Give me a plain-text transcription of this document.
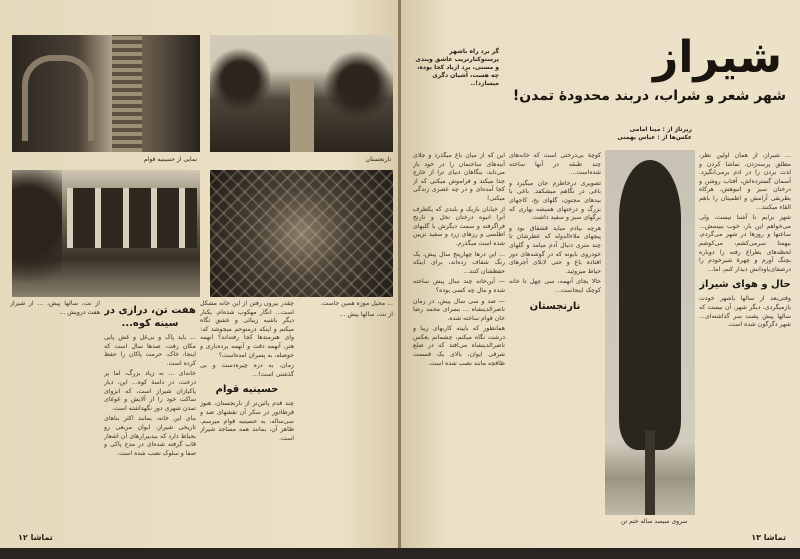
نمایی از حسینیه قوام	نارنجستان

... محیل موزه همین جاست.

از نت، سالها پیش ...

چقدر بیرون رفتن از این خانه مشکل است... انگار مهکوب شده‌ام. یکبار دیگر باشیه زیبائی و عشق نگاه میکنم و اینکه درمتوحم میجوشد که: وای هنرمندها کجا رفته‌اند؟ انهمه هنر، آنهمه دقت و آنهمه پرده‌باری و حوصله، به پسران امده‌است؟

زمان، به دزه چیره‌دست و بی گذشتی است!...

حسینیه قوام

چند قدم پائین‌تر از نارنجستان، هنوز فرطادور در سکر آن نقشهای صد و سی‌ساله، به حسینیه قوام میرسم. ظاهر آن، بمانند همه مساجد شیراز است.

هفت تن، درازی در سینه کوه...

... باید پاک و بی‌غل و غش پایی مکان رفت. صدها سال است که اینجا، خاک، حرمت پاکان را حفظ کرده است.

خانه‌ای ... نه زیاد بزرگ، اما پر درخت، در دامنهٔ کوه... این، دیار پاکبازان شیراز است، که انزوای ساکت خود را از آلایش و غوغای تمدن شهری دور نگهداشته است.

بنای این خانه، بمانند اکثر بناهای تاریخی شیراز، ایوان مربعی رو بحیاط دارد که بیدبیرارهای آن اشعار قاب گرفته شده‌ای در مدح پاکی و صفا و سلوک نصب شده است.

از نت، سالها پیش، ... از شیراز هفت درویش ...

۱۲ تماشا
شیراز
شهر شعر و شراب، دربند محدودۀ تمدن!
گر برد راه باشهر پرستوکنارتریب عاشق ویندی و مستی، برد ازیاد کجا بوده، چه هست، آشیان دگری میسازد!..
رپرتاژ از : مینا امامی
عکس‌ها از : عباس بهمنی
سروی سیصد ساله ختم تن

... شیراز، از همان اولین نظر، مطلق پرسه‌زدن، تماشا کردن و لذت بردن را در ادم برمی‌انگیزد. آسمان گسترده‌اش، آفتاب روشن و درختان سبز و انبوهش، هرکاه بطربقی آرامش و اطمینان را باهم القاء میکنند...

شهر برایم نا آشنا نیست، ولی می‌خواهم این بار، خوب ببینمش... ساعتها و روزها در شهر می‌گردم، بیهمتا سرمی‌کشم، می‌کوشم لحظه‌های بطراغ رفته را دوباره بچنگ آورم و چهرهٔ شیرخودم را درصفای‌یاودانش دیدار کنم، اما...

حال و هوای شیراز

وقتی‌بعد از سالها باشهر خودت بازمیگردی، دیگر شهر، آن نیست که سالها پیش پشت سر گذاشته‌ای... شهر دگرگون شده است.

کوچهٔ بی‌درختی است که خانه‌های چند طبقه در آنها ساخته شده‌است...

تصویری درخاطرم جان میگیرد و باغی در نگاهم میشکفد. باغی با بیدهای مجنون، گلهای یخ، کاجهای بزرگ و درختهای همیشه بهاری که برگهای سبز و سفید داشت.

هرچه بیادم میاید قشقاق بود و پیچهای ملاءالدوله که عطرشان تا چند متری دنبال آدم میامد و گلهای خودروی بابونه که در گوشه‌های دور افتاده باغ و حتی لابلای آجرهای حیاط میروئید.

حالا بجای آنهمه، سی چهل تا خانه کوچک اینجاست...

نارنجستان

این که از میان باغ میگذرد و جلای آینه‌های ساختمان را در خود باز می‌تابد، بنگاهان دنیای ترا از خارج جدا میکند و فراموش میکنی که از کجا آمده‌ای و در چه عصری زندگی میکنی!

از خیابان باریک و بلندی که یکطرف آنرا انبوه درختان نخل و نارنج فراگرفته و سمت دیگرش با گلبهای اطلسی و رزهای زرد و سفید تزیین شده است میگذرم.

... این درها چهارپنج سال پیش، یک رنگ شفاف زده‌اند، برای اینکه حفظشان کنند...

— آین‌خانه چند سال پیش ساخته شده و مال چه کسی بوده؟

— صد و سی سال پیش، در زمان ناصرالدینشاه ... بسرای محمد رضا خان قوام ساخته شده.

همانطور که باپینه کاربهای زیبا و درشت نگاه میکنم، چشمانم بعکس ناصرالدینشاه می‌افتد که در ضلع شرقی ایوان، بالای یک قسمت طاقچه مانند نصب شده است.

۱۳ تماشا
